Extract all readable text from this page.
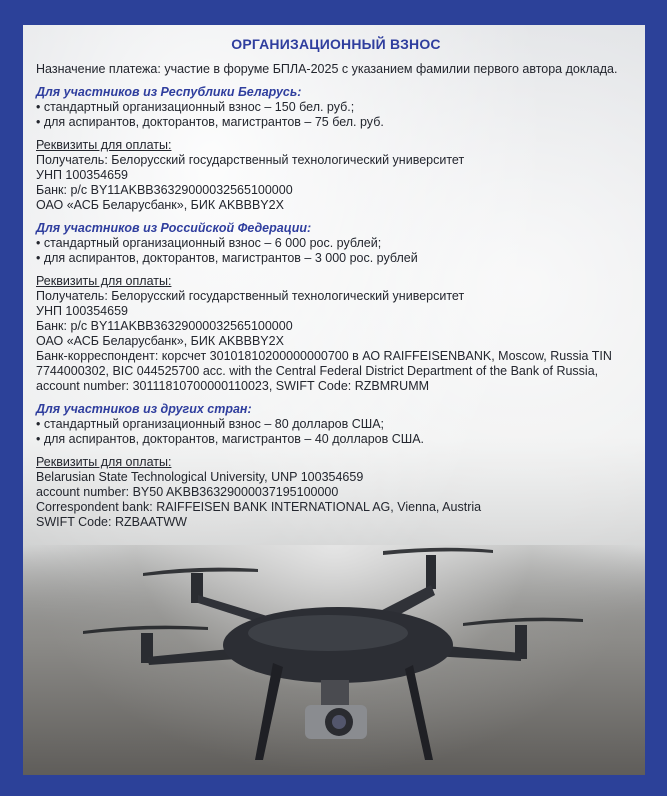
ОРГАНИЗАЦИОННЫЙ ВЗНОС
Назначение платежа: участие в форуме БПЛА-2025 с указанием фамилии первого автора доклада.
Для участников из Республики Беларусь:
• стандартный организационный взнос – 150 бел. руб.;
• для аспирантов, докторантов, магистрантов – 75 бел. руб.
Реквизиты для оплаты:
Получатель: Белорусский государственный технологический университет
УНП 100354659
Банк: р/с BY11AKBB36329000032565100000
ОАО «АСБ Беларусбанк», БИК AKBBBY2X
Для участников из Российской Федерации:
• стандартный организационный взнос – 6 000 рос. рублей;
• для аспирантов, докторантов, магистрантов – 3 000 рос. рублей
Реквизиты для оплаты:
Получатель: Белорусский государственный технологический университет
УНП 100354659
Банк: р/с BY11AKBB36329000032565100000
ОАО «АСБ Беларусбанк», БИК AKBBBY2X
Банк-корреспондент: корсчет 30101810200000000700 в АО RAIFFEISENBANK, Moscow, Russia TIN 7744000302, BIC 044525700 acc. with the Central Federal District Department of the Bank of Russia, account number: 30111810700000110023, SWIFT Code: RZBMRUMM
Для участников из других стран:
• стандартный организационный взнос – 80 долларов США;
• для аспирантов, докторантов, магистрантов – 40 долларов США.
Реквизиты для оплаты:
Belarusian State Technological University, UNP 100354659
account number: BY50 AKBB36329000037195100000
Correspondent bank: RAIFFEISEN BANK INTERNATIONAL AG, Vienna, Austria
SWIFT Code: RZBAATWW
